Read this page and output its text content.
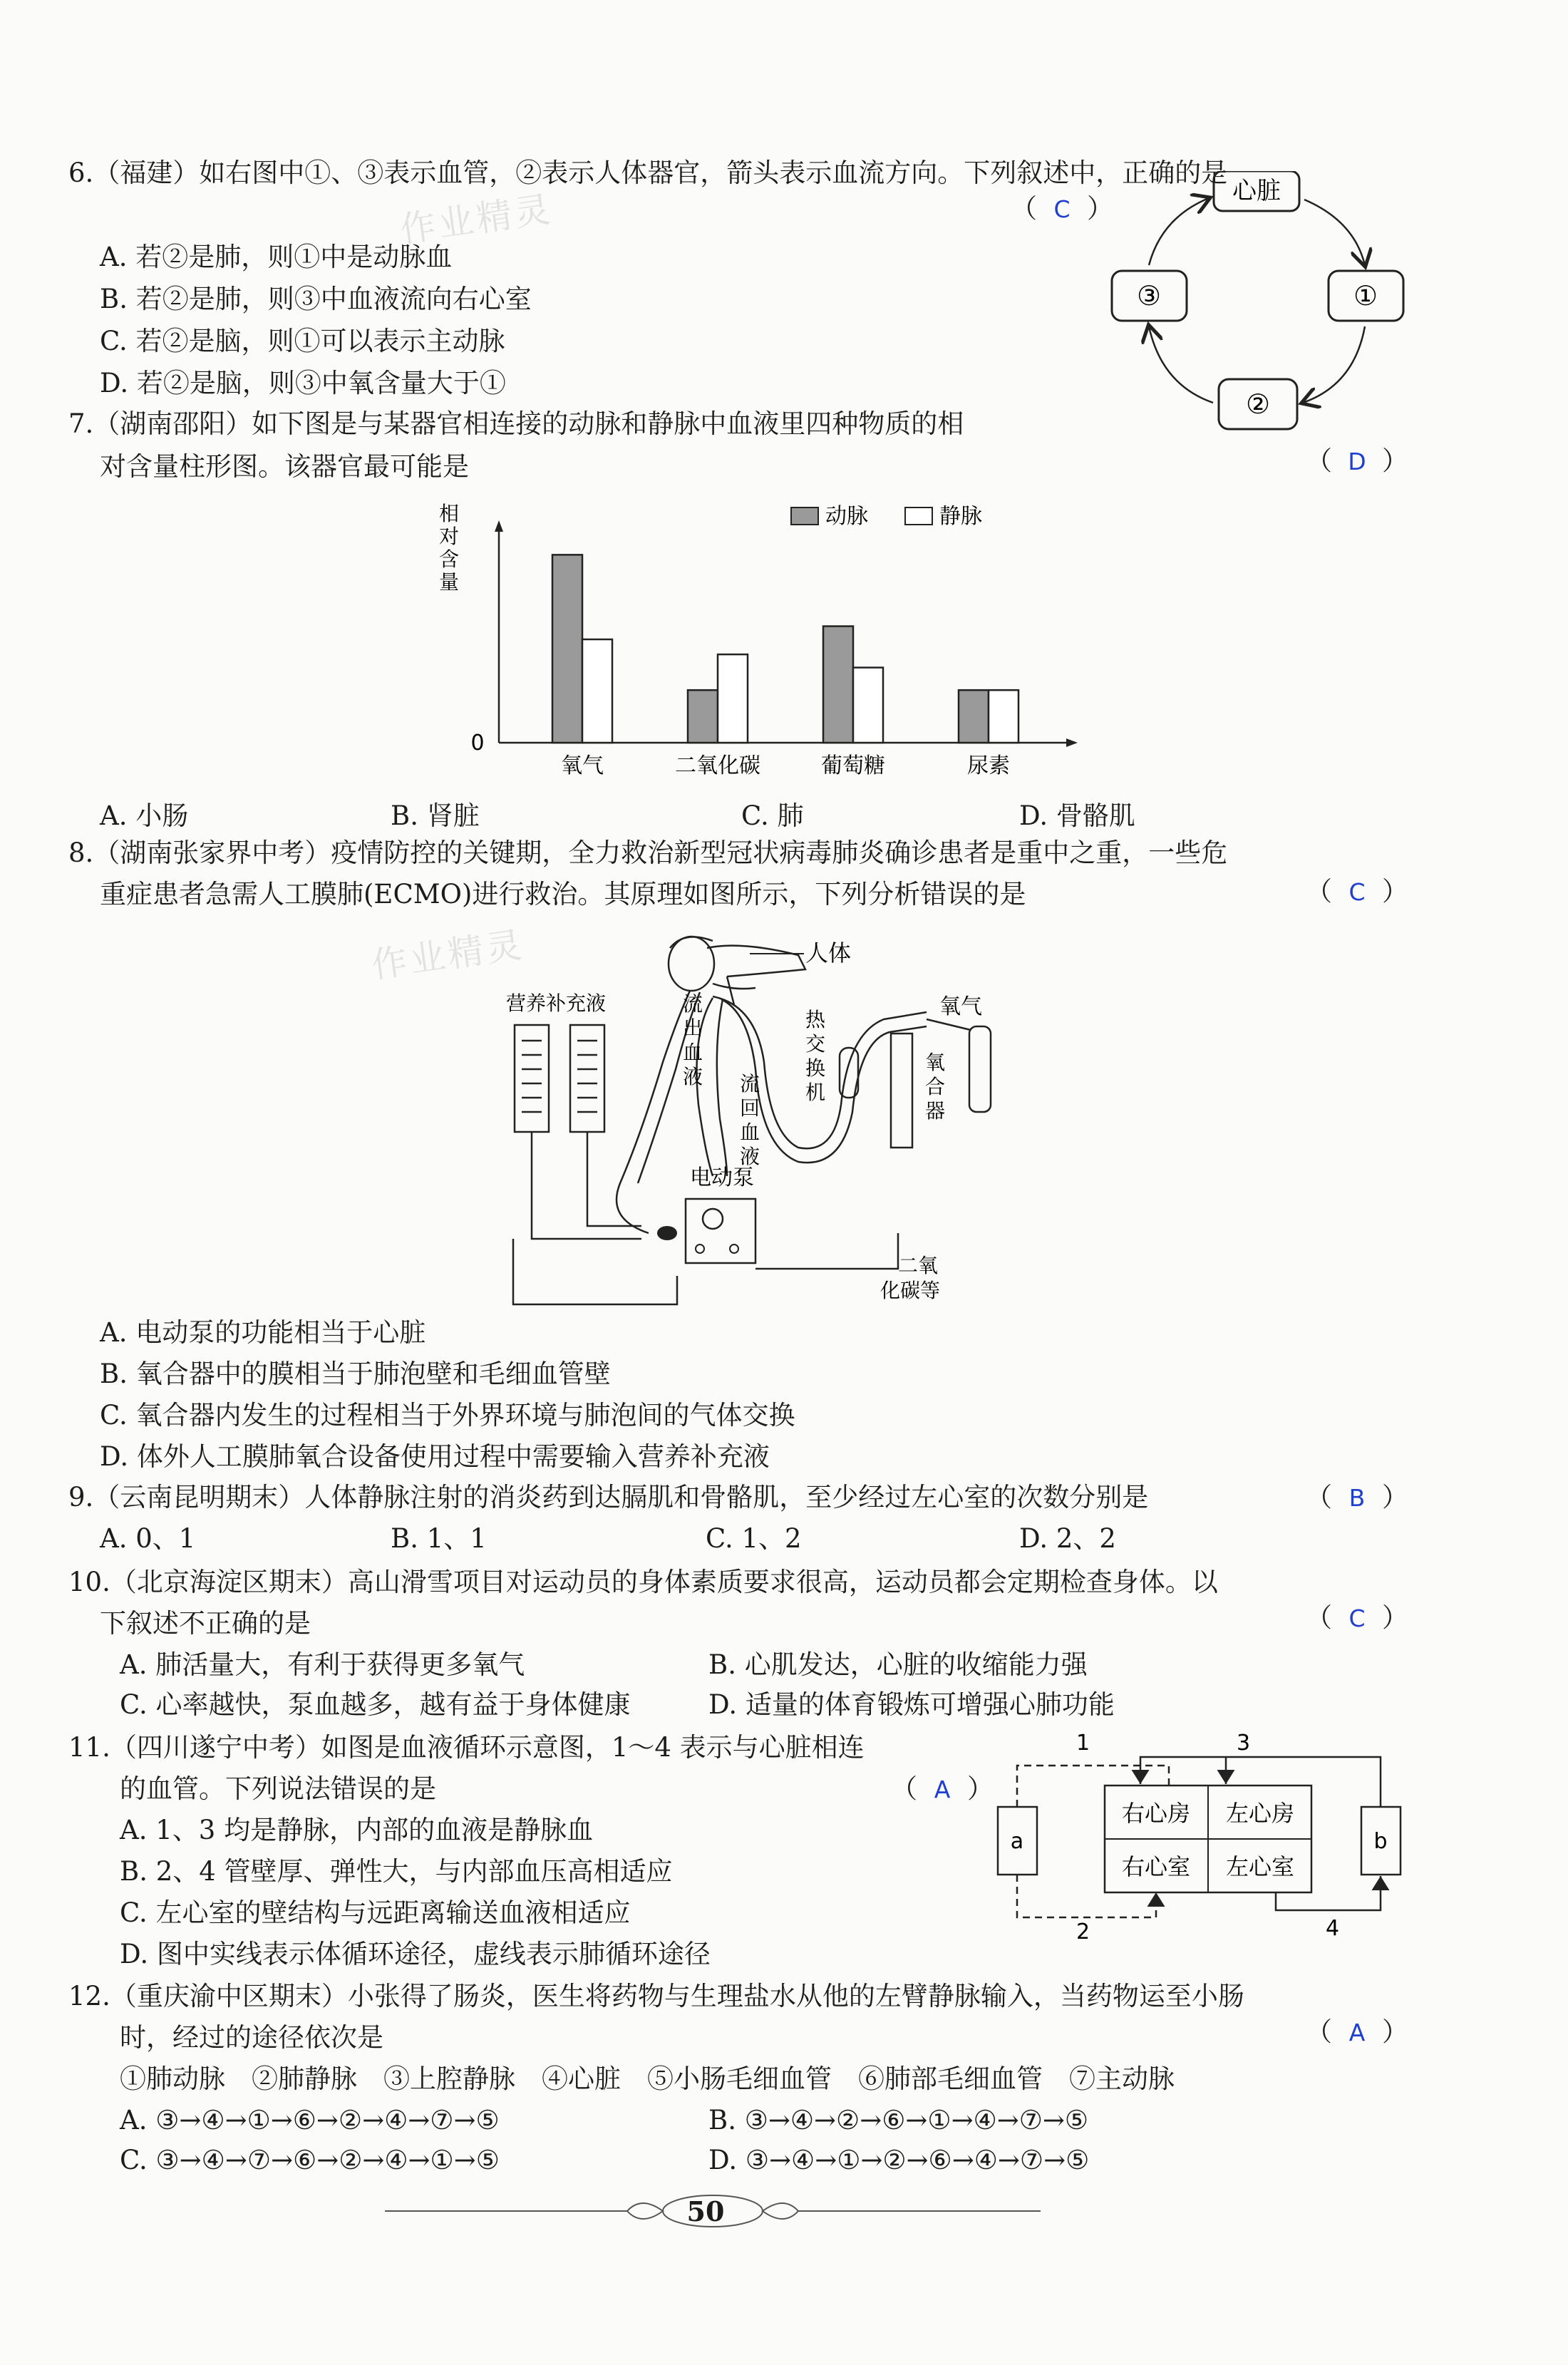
作业精灵
作业精灵
6.（福建）如右图中①、③表示血管，②表示人体器官，箭头表示血流方向。下列叙述中，正确的是
（ C ）
A. 若②是肺，则①中是动脉血
B. 若②是肺，则③中血液流向右心室
C. 若②是脑，则①可以表示主动脉
D. 若②是脑，则③中氧含量大于①
心脏
①
②
③
7.（湖南邵阳）如下图是与某器官相连接的动脉和静脉中血液里四种物质的相
对含量柱形图。该器官最可能是	（ D ）
相
对
含
量
0
动脉	静脉
氧气	二氧化碳	葡萄糖	尿素
A. 小肠	B. 肾脏	C. 肺	D. 骨骼肌
8.（湖南张家界中考）疫情防控的关键期，全力救治新型冠状病毒肺炎确诊患者是重中之重，一些危
重症患者急需人工膜肺(ECMO)进行救治。其原理如图所示，下列分析错误的是	（ C ）
人体
营养补充液	流
出
血
液 流
回
血
液
热
交
换
机
氧
合
器
氧气
电动泵
二氧
化碳等
A. 电动泵的功能相当于心脏
B. 氧合器中的膜相当于肺泡壁和毛细血管壁
C. 氧合器内发生的过程相当于外界环境与肺泡间的气体交换
D. 体外人工膜肺氧合设备使用过程中需要输入营养补充液
9.（云南昆明期末）人体静脉注射的消炎药到达膈肌和骨骼肌，至少经过左心室的次数分别是	（ B ）
A. 0、1	B. 1、1	C. 1、2	D. 2、2
10.（北京海淀区期末）高山滑雪项目对运动员的身体素质要求很高，运动员都会定期检查身体。以
下叙述不正确的是	（ C ）
A. 肺活量大，有利于获得更多氧气	B. 心肌发达，心脏的收缩能力强
C. 心率越快，泵血越多，越有益于身体健康	D. 适量的体育锻炼可增强心肺功能
11.（四川遂宁中考）如图是血液循环示意图，1～4 表示与心脏相连
的血管。下列说法错误的是	（ A ）
A. 1、3 均是静脉，内部的血液是静脉血
B. 2、4 管壁厚、弹性大，与内部血压高相适应
C. 左心室的壁结构与远距离输送血液相适应
D. 图中实线表示体循环途径，虚线表示肺循环途径
右心房 左心房
右心室 左心室
a	b
1	3
2	4
12.（重庆渝中区期末）小张得了肠炎，医生将药物与生理盐水从他的左臂静脉输入，当药物运至小肠
（ A ）
时，经过的途径依次是
①肺动脉　②肺静脉　③上腔静脉　④心脏　⑤小肠毛细血管　⑥肺部毛细血管　⑦主动脉
A. ③→④→①→⑥→②→④→⑦→⑤	B. ③→④→②→⑥→①→④→⑦→⑤
C. ③→④→⑦→⑥→②→④→①→⑤	D. ③→④→①→②→⑥→④→⑦→⑤
50
